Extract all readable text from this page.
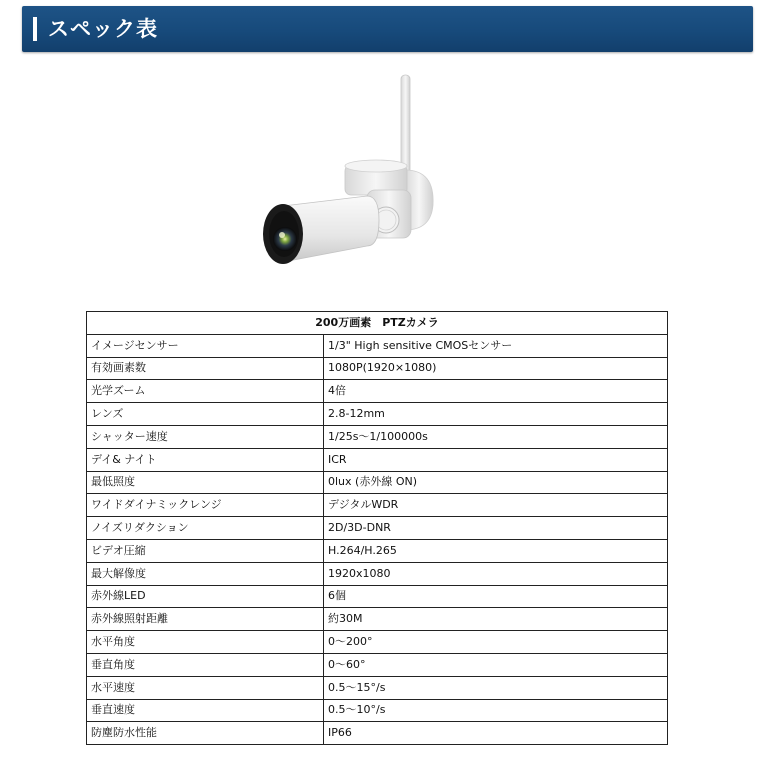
スペック表
200万画素　PTZカメラ	
イメージセンサー	1/3" High sensitive CMOSセンサー
有効画素数	1080P(1920×1080)
光学ズーム	4倍
レンズ	2.8-12mm
シャッター速度	1/25s～1/100000s
デイ& ナイト	ICR
最低照度	0lux (赤外線 ON)
ワイドダイナミックレンジ	デジタルWDR
ノイズリダクション	2D/3D-DNR
ビデオ圧縮	H.264/H.265
最大解像度	1920x1080
赤外線LED	6個
赤外線照射距離	約30M
水平角度	0～200°
垂直角度	0～60°
水平速度	0.5～15°/s
垂直速度	0.5～10°/s
防塵防水性能	IP66
